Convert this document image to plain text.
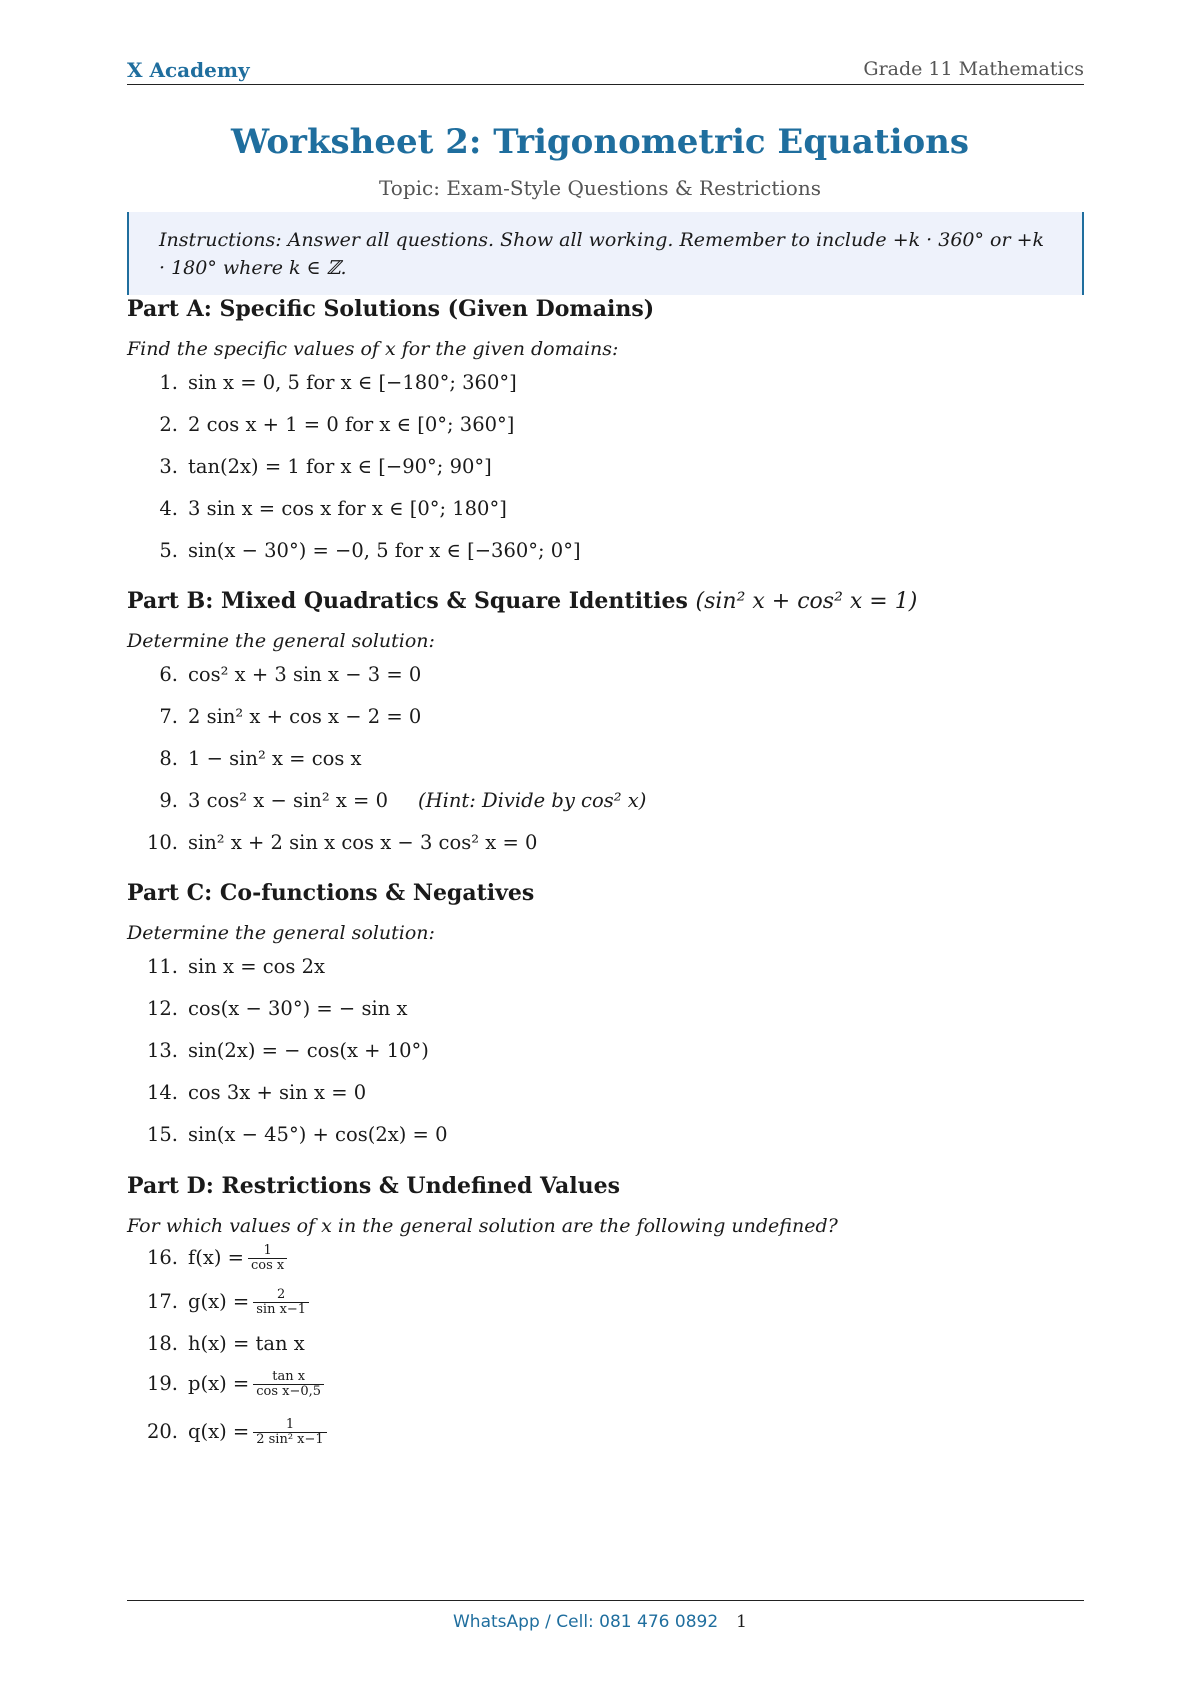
X Academy	Grade 11 Mathematics
Worksheet 2: Trigonometric Equations
Topic: Exam-Style Questions & Restrictions
Instructions: Answer all questions. Show all working. Remember to include +k · 360° or +k · 180° where k ∈ ℤ.
Part A: Specific Solutions (Given Domains)
Find the specific values of x for the given domains:
1. sin x = 0, 5 for x ∈ [−180°; 360°]
2. 2 cos x + 1 = 0 for x ∈ [0°; 360°]
3. tan(2x) = 1 for x ∈ [−90°; 90°]
4. 3 sin x = cos x for x ∈ [0°; 180°]
5. sin(x − 30°) = −0, 5 for x ∈ [−360°; 0°]
Part B: Mixed Quadratics & Square Identities (sin² x + cos² x = 1)
Determine the general solution:
6. cos² x + 3 sin x − 3 = 0
7. 2 sin² x + cos x − 2 = 0
8. 1 − sin² x = cos x
9. 3 cos² x − sin² x = 0 (Hint: Divide by cos² x)
10. sin² x + 2 sin x cos x − 3 cos² x = 0
Part C: Co-functions & Negatives
Determine the general solution:
11. sin x = cos 2x
12. cos(x − 30°) = − sin x
13. sin(2x) = − cos(x + 10°)
14. cos 3x + sin x = 0
15. sin(x − 45°) + cos(2x) = 0
Part D: Restrictions & Undefined Values
For which values of x in the general solution are the following undefined?
16. $f(x) = \frac{1}{\text{cos x}}$
17. $g(x) = \frac{2}{\text{sin x−1}}$
18. h(x) = tan x
19. $p(x) = \frac{\text{tan x}}{\text{cos x−0,5}}$
20. $q(x) = \frac{1}{\text{2 sin² x−1}}$
WhatsApp / Cell: 081 476 0892 1
